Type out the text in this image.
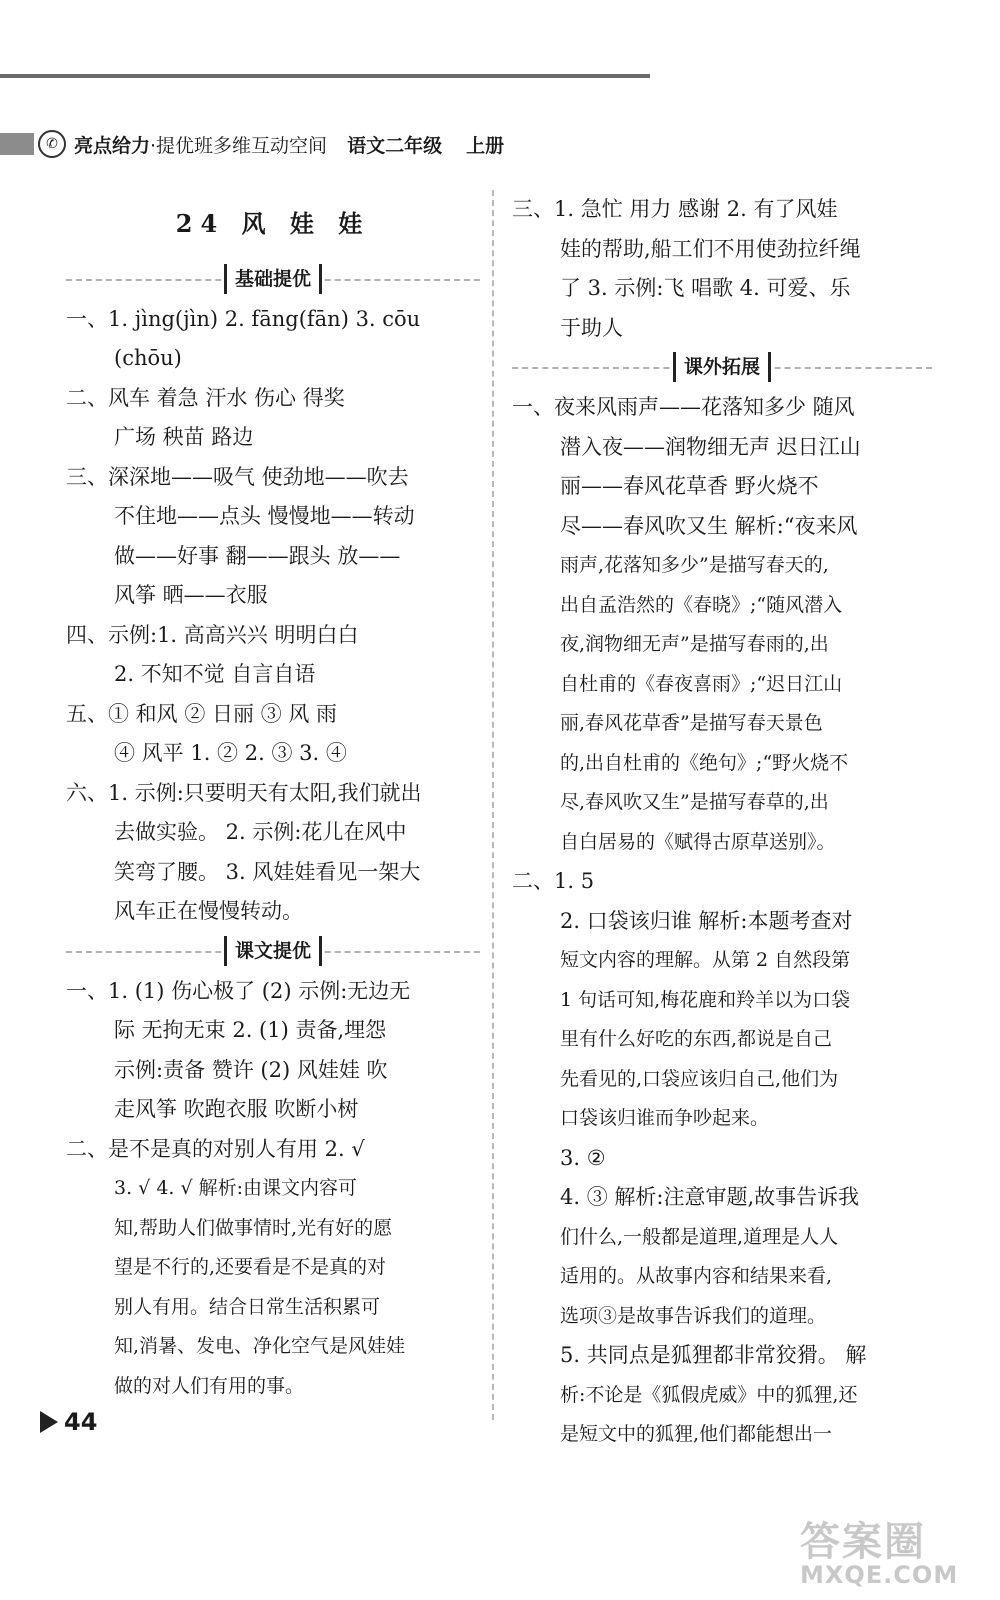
✆ 亮点给力 ·提优班多维互动空间 语文二年级 上册
24 风 娃 娃
基础提优

一、1. jìng(jìn) 2. fāng(fān) 3. cōu

(chōu)

二、风车 着急 汗水 伤心 得奖

广场 秧苗 路边

三、深深地——吸气 使劲地——吹去

不住地——点头 慢慢地——转动

做——好事 翻——跟头 放——

风筝 晒——衣服

四、示例:1. 高高兴兴 明明白白

2. 不知不觉 自言自语

五、① 和风 ② 日丽 ③ 风 雨

④ 风平 1. ② 2. ③ 3. ④

六、1. 示例:只要明天有太阳,我们就出

去做实验。 2. 示例:花儿在风中

笑弯了腰。 3. 风娃娃看见一架大

风车正在慢慢转动。

课文提优

一、1. (1) 伤心极了 (2) 示例:无边无

际 无拘无束 2. (1) 责备,埋怨

示例:责备 赞许 (2) 风娃娃 吹

走风筝 吹跑衣服 吹断小树

二、是不是真的对别人有用 2. √

3. √ 4. √ 解析:由课文内容可

知,帮助人们做事情时,光有好的愿

望是不行的,还要看是不是真的对

别人有用。结合日常生活积累可

知,消暑、发电、净化空气是风娃娃

做的对人们有用的事。

三、1. 急忙 用力 感谢 2. 有了风娃

娃的帮助,船工们不用使劲拉纤绳

了 3. 示例:飞 唱歌 4. 可爱、乐

于助人

课外拓展

一、夜来风雨声——花落知多少 随风

潜入夜——润物细无声 迟日江山

丽——春风花草香 野火烧不

尽——春风吹又生 解析:“夜来风

雨声,花落知多少”是描写春天的,

出自孟浩然的《春晓》;“随风潜入

夜,润物细无声”是描写春雨的,出

自杜甫的《春夜喜雨》;“迟日江山

丽,春风花草香”是描写春天景色

的,出自杜甫的《绝句》;“野火烧不

尽,春风吹又生”是描写春草的,出

自白居易的《赋得古原草送别》。

二、1. 5

2. 口袋该归谁 解析:本题考查对

短文内容的理解。从第 2 自然段第

1 句话可知,梅花鹿和羚羊以为口袋

里有什么好吃的东西,都说是自己

先看见的,口袋应该归自己,他们为

口袋该归谁而争吵起来。

3. ②

4. ③ 解析:注意审题,故事告诉我

们什么,一般都是道理,道理是人人

适用的。从故事内容和结果来看,

选项③是故事告诉我们的道理。

5. 共同点是狐狸都非常狡猾。 解

析:不论是《狐假虎威》中的狐狸,还

是短文中的狐狸,他们都能想出一

44
答案圈
MXQE.COM
